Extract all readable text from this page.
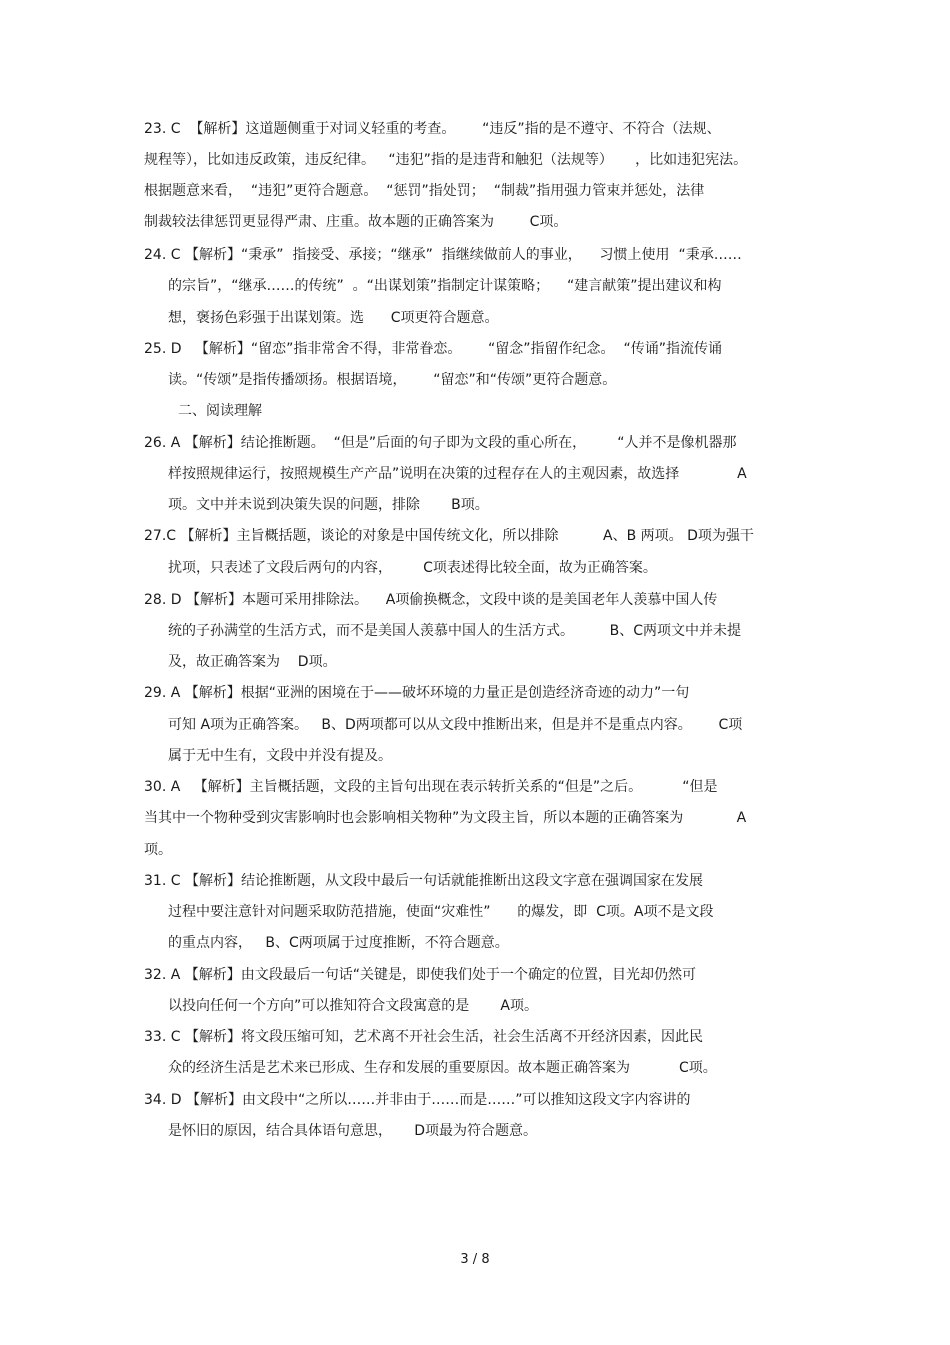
23. C  【解析】这道题侧重于对词义轻重的考查。      “违反”指的是不遵守、不符合（法规、

规程等），比如违反政策，违反纪律。   “违犯”指的是违背和触犯（法规等）     ，比如违犯宪法。

根据题意来看，  “违犯”更符合题意。  “惩罚”指处罚；  “制裁”指用强力管束并惩处，法律

制裁较法律惩罚更显得严肃、庄重。故本题的正确答案为        C项。

24. C 【解析】“秉承”  指接受、承接；“继承”  指继续做前人的事业，    习惯上使用  “秉承……

的宗旨”，“继承……的传统”  。“出谋划策”指制定计谋策略；    “建言献策”提出建议和构

想，褒扬色彩强于出谋划策。选      C项更符合题意。

25. D   【解析】“留恋”指非常舍不得，非常眷恋。      “留念”指留作纪念。  “传诵”指流传诵

读。“传颂”是指传播颂扬。根据语境，      “留恋”和“传颂”更符合题意。

二、阅读理解

26. A 【解析】结论推断题。  “但是”后面的句子即为文段的重心所在，       “人并不是像机器那

样按照规律运行，按照规模生产产品”说明在决策的过程存在人的主观因素，故选择             A

项。文中并未说到决策失误的问题，排除       B项。

27.C 【解析】主旨概括题，谈论的对象是中国传统文化，所以排除          A、B 两项。 D项为强干

扰项，只表述了文段后两句的内容，       C项表述得比较全面，故为正确答案。

28. D 【解析】本题可采用排除法。    A项偷换概念，文段中谈的是美国老年人羡慕中国人传

统的子孙满堂的生活方式，而不是美国人羡慕中国人的生活方式。        B、C两项文中并未提

及，故正确答案为    D项。

29. A 【解析】根据“亚洲的困境在于——破坏环境的力量正是创造经济奇迹的动力”一句

可知 A项为正确答案。   B、D两项都可以从文段中推断出来，但是并不是重点内容。      C项

属于无中生有，文段中并没有提及。

30. A   【解析】主旨概括题，文段的主旨句出现在表示转折关系的“但是”之后。         “但是

当其中一个物种受到灾害影响时也会影响相关物种”为文段主旨，所以本题的正确答案为            A

项。

31. C 【解析】结论推断题，从文段中最后一句话就能推断出这段文字意在强调国家在发展

过程中要注意针对问题采取防范措施，使面“灾难性”      的爆发，即  C项。A项不是文段

的重点内容，   B、C两项属于过度推断，不符合题意。

32. A 【解析】由文段最后一句话“关键是，即使我们处于一个确定的位置，目光却仍然可

以投向任何一个方向”可以推知符合文段寓意的是       A项。

33. C 【解析】将文段压缩可知，艺术离不开社会生活，社会生活离不开经济因素，因此民

众的经济生活是艺术来已形成、生存和发展的重要原因。故本题正确答案为           C项。

34. D 【解析】由文段中“之所以……并非由于……而是……”可以推知这段文字内容讲的

是怀旧的原因，结合具体语句意思，     D项最为符合题意。

3 / 8
